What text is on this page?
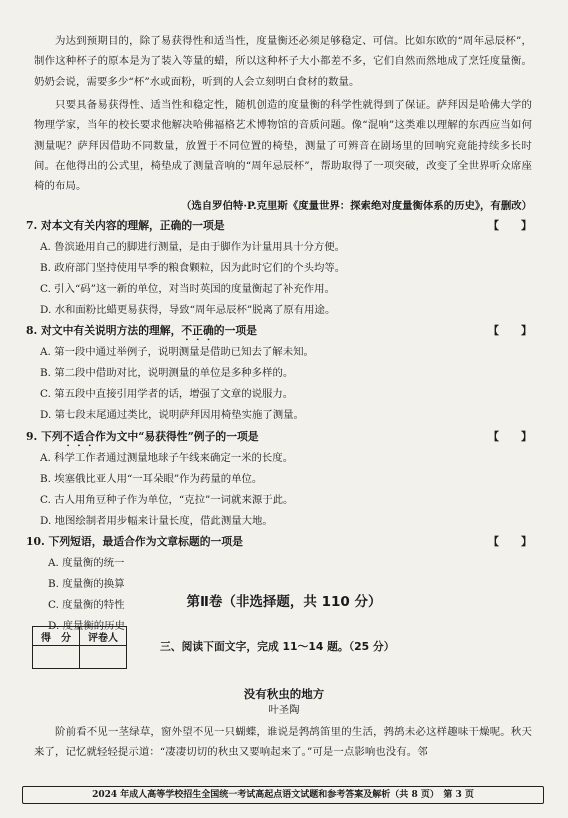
为达到预期目的，除了易获得性和适当性，度量衡还必须足够稳定、可信。比如东欧的“周年忌辰杯”，制作这种杯子的原本是为了装入等量的蜡，所以这种杯子大小都差不多，它们自然而然地成了烹饪度量衡。奶奶会说，需要多少“杯”水或面粉，听到的人会立刻明白食材的数量。
只要具备易获得性、适当性和稳定性，随机创造的度量衡的科学性就得到了保证。萨拜因是哈佛大学的物理学家，当年的校长要求他解决哈佛福格艺术博物馆的音质问题。像“混响”这类难以理解的东西应当如何测量呢？萨拜因借助不同数量，放置于不同位置的椅垫，测量了可辨音在剧场里的回响究竟能持续多长时间。在他得出的公式里，椅垫成了测量音响的“周年忌辰杯”，帮助取得了一项突破，改变了全世界听众席座椅的布局。
（选自罗伯特·P.克里斯《度量世界：探索绝对度量衡体系的历史》，有删改）
7. 对本文有关内容的理解，正确的一项是	【 】
A. 鲁滨逊用自己的脚进行测量，是由于脚作为计量用具十分方便。
B. 政府部门坚持使用早季的粮食颗粒，因为此时它们的个头均等。
C. 引入“码”这一新的单位，对当时英国的度量衡起了补充作用。
D. 水和面粉比蜡更易获得，导致“周年忌辰杯”脱离了原有用途。
8. 对文中有关说明方法的理解，不正确的一项是	【 】
A. 第一段中通过举例子，说明测量是借助已知去了解未知。
B. 第二段中借助对比，说明测量的单位是多种多样的。
C. 第五段中直接引用学者的话，增强了文章的说服力。
D. 第七段末尾通过类比，说明萨拜因用椅垫实施了测量。
9. 下列不适合作为文中“易获得性”例子的一项是	【 】
A. 科学工作者通过测量地球子午线来确定一米的长度。
B. 埃塞俄比亚人用“一耳朵眼”作为药量的单位。
C. 古人用角豆种子作为单位，“克拉”一词就来源于此。
D. 地图绘制者用步幅来计量长度，借此测量大地。
10. 下列短语，最适合作为文章标题的一项是	【 】
A. 度量衡的统一
B. 度量衡的换算
C. 度量衡的特性
D. 度量衡的历史
第Ⅱ卷（非选择题，共 110 分）
得　分	评卷人

三、阅读下面文字，完成 11～14 题。（25 分）
没有秋虫的地方
叶圣陶
阶前看不见一茎绿草，窗外望不见一只蝴蝶，谁说是鹁鸪笛里的生活，鹁鸪未必这样趣味干燥呢。秋天来了，记忆就轻轻提示道：“凄凄切切的秋虫又要响起来了。”可是一点影响也没有。邻
2024 年成人高等学校招生全国统一考试高起点语文试题和参考答案及解析（共 8 页）　第 3 页
